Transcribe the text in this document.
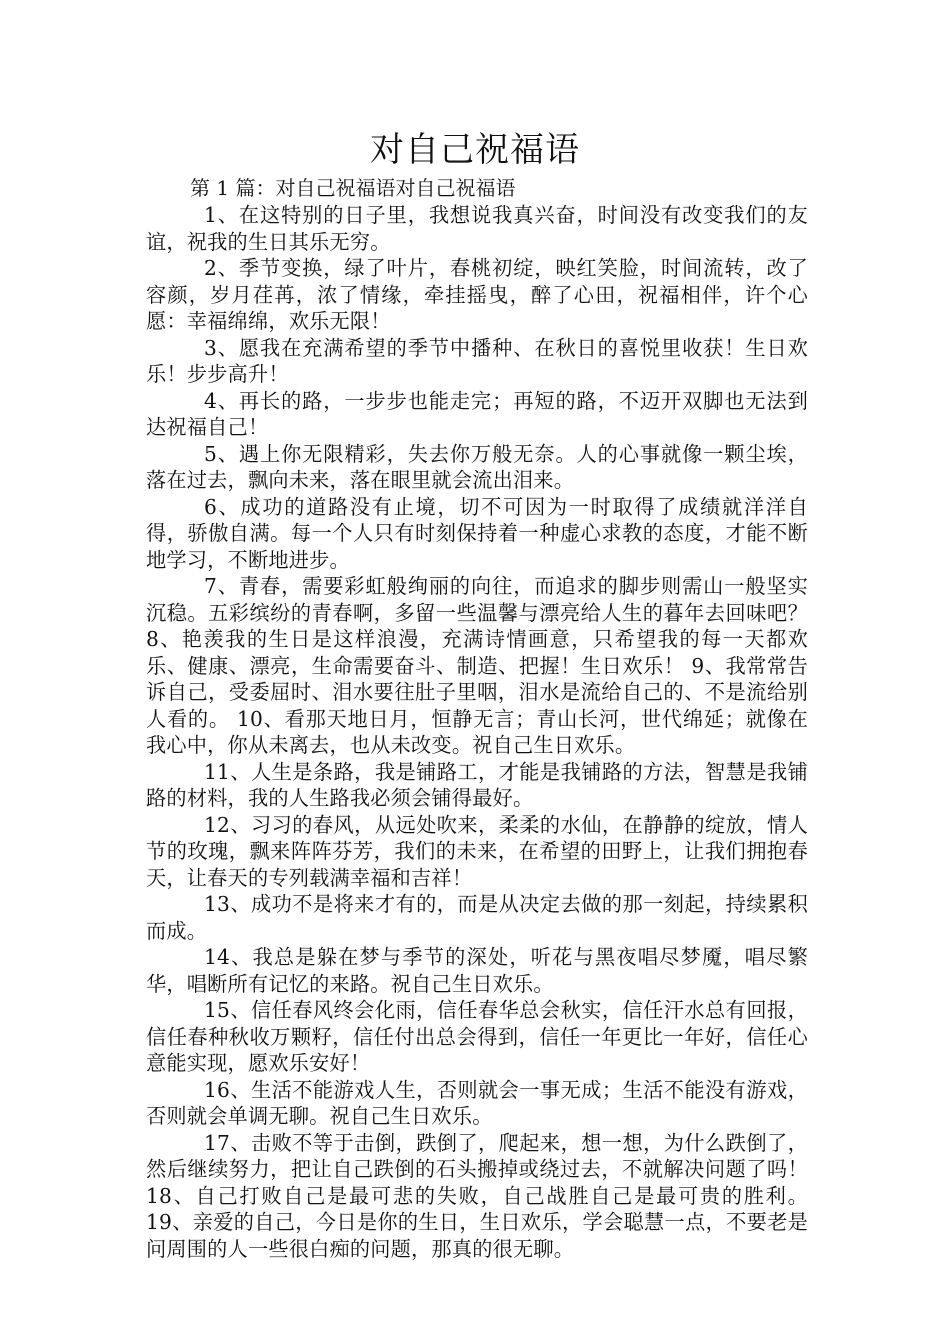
对自己祝福语

第 1 篇：对自己祝福语对自己祝福语

1、在这特别的日子里，我想说我真兴奋，时间没有改变我们的友谊，祝我的生日其乐无穷。

2、季节变换，绿了叶片，春桃初绽，映红笑脸，时间流转，改了容颜，岁月荏苒，浓了情缘，牵挂摇曳，醉了心田，祝福相伴，许个心愿：幸福绵绵，欢乐无限！

3、愿我在充满希望的季节中播种、在秋日的喜悦里收获！生日欢乐！步步高升！

4、再长的路，一步步也能走完；再短的路，不迈开双脚也无法到达祝福自己！

5、遇上你无限精彩，失去你万般无奈。人的心事就像一颗尘埃，落在过去，飘向未来，落在眼里就会流出泪来。

6、成功的道路没有止境，切不可因为一时取得了成绩就洋洋自得，骄傲自满。每一个人只有时刻保持着一种虚心求教的态度，才能不断地学习，不断地进步。

7、青春，需要彩虹般绚丽的向往，而追求的脚步则需山一般坚实沉稳。五彩缤纷的青春啊，多留一些温馨与漂亮给人生的暮年去回味吧？ 8、艳羡我的生日是这样浪漫，充满诗情画意，只希望我的每一天都欢乐、健康、漂亮，生命需要奋斗、制造、把握！生日欢乐！ 9、我常常告诉自己，受委屈时、泪水要往肚子里咽，泪水是流给自己的、不是流给别人看的。 10、看那天地日月，恒静无言；青山长河，世代绵延；就像在我心中，你从未离去，也从未改变。祝自己生日欢乐。

11、人生是条路，我是铺路工，才能是我铺路的方法，智慧是我铺路的材料，我的人生路我必须会铺得最好。

12、习习的春风，从远处吹来，柔柔的水仙，在静静的绽放，情人节的玫瑰，飘来阵阵芬芳，我们的未来，在希望的田野上，让我们拥抱春天，让春天的专列载满幸福和吉祥！

13、成功不是将来才有的，而是从决定去做的那一刻起，持续累积而成。

14、我总是躲在梦与季节的深处，听花与黑夜唱尽梦魇，唱尽繁华，唱断所有记忆的来路。祝自己生日欢乐。

15、信任春风终会化雨，信任春华总会秋实，信任汗水总有回报，信任春种秋收万颗籽，信任付出总会得到，信任一年更比一年好，信任心意能实现，愿欢乐安好！

16、生活不能游戏人生，否则就会一事无成；生活不能没有游戏，否则就会单调无聊。祝自己生日欢乐。

17、击败不等于击倒，跌倒了，爬起来，想一想，为什么跌倒了，然后继续努力，把让自己跌倒的石头搬掉或绕过去，不就解决问题了吗！ 18、自己打败自己是最可悲的失败，自己战胜自己是最可贵的胜利。 19、亲爱的自己，今日是你的生日，生日欢乐，学会聪慧一点，不要老是问周围的人一些很白痴的问题，那真的很无聊。
